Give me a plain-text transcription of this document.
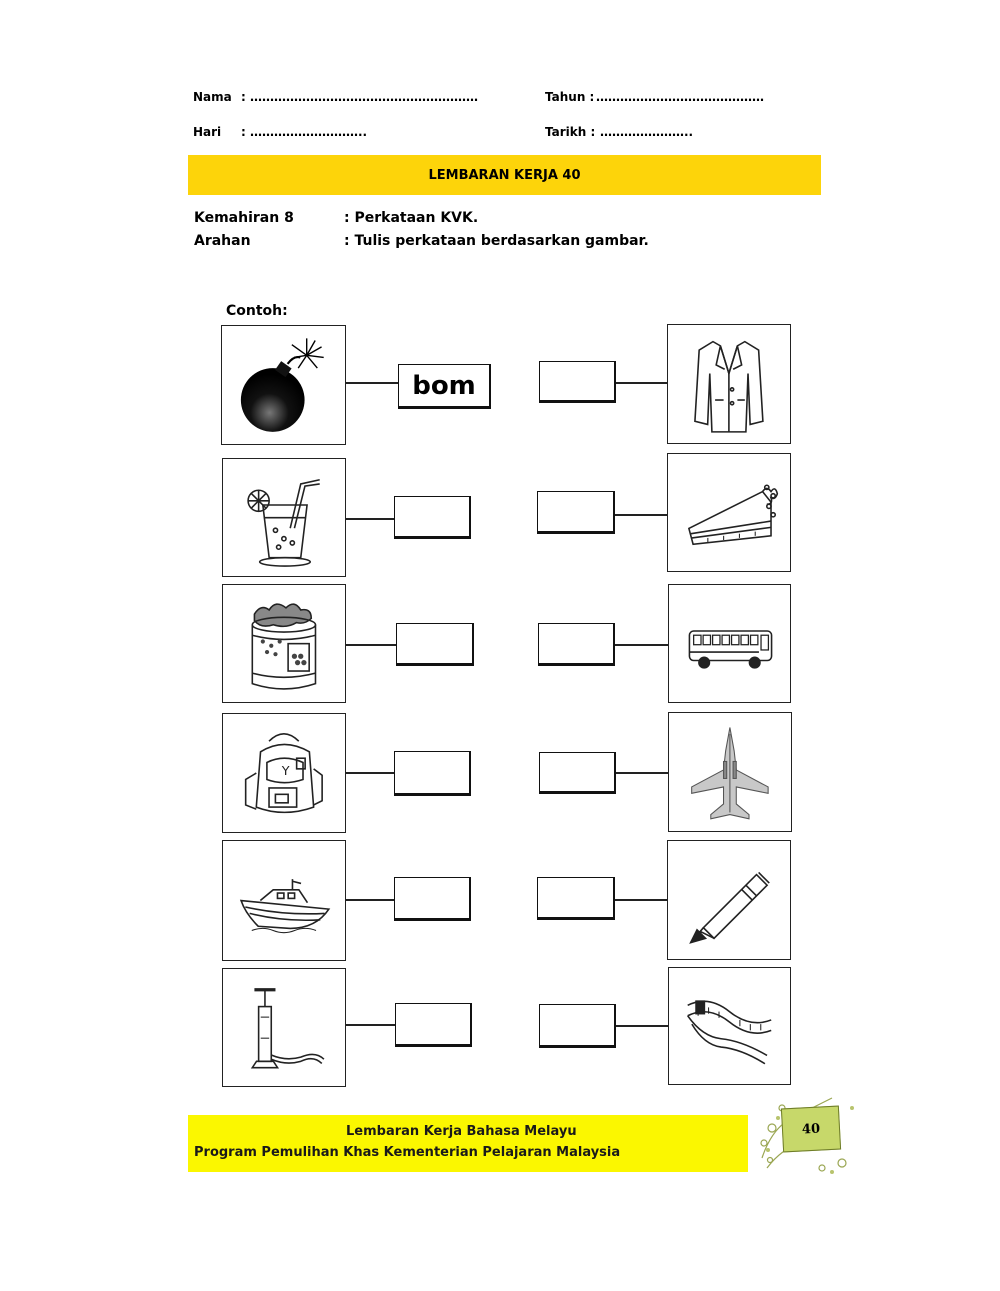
Nama : …………………………………………………	Tahun : ……………………………………
Hari : ………………………..	Tarikh : …………………..
LEMBARAN KERJA 40
Kemahiran 8	: Perkataan KVK.
Arahan	: Tulis perkataan berdasarkan gambar.
Contoh:
bom
Y
Lembaran Kerja Bahasa Melayu
Program Pemulihan Khas Kementerian Pelajaran Malaysia
40
